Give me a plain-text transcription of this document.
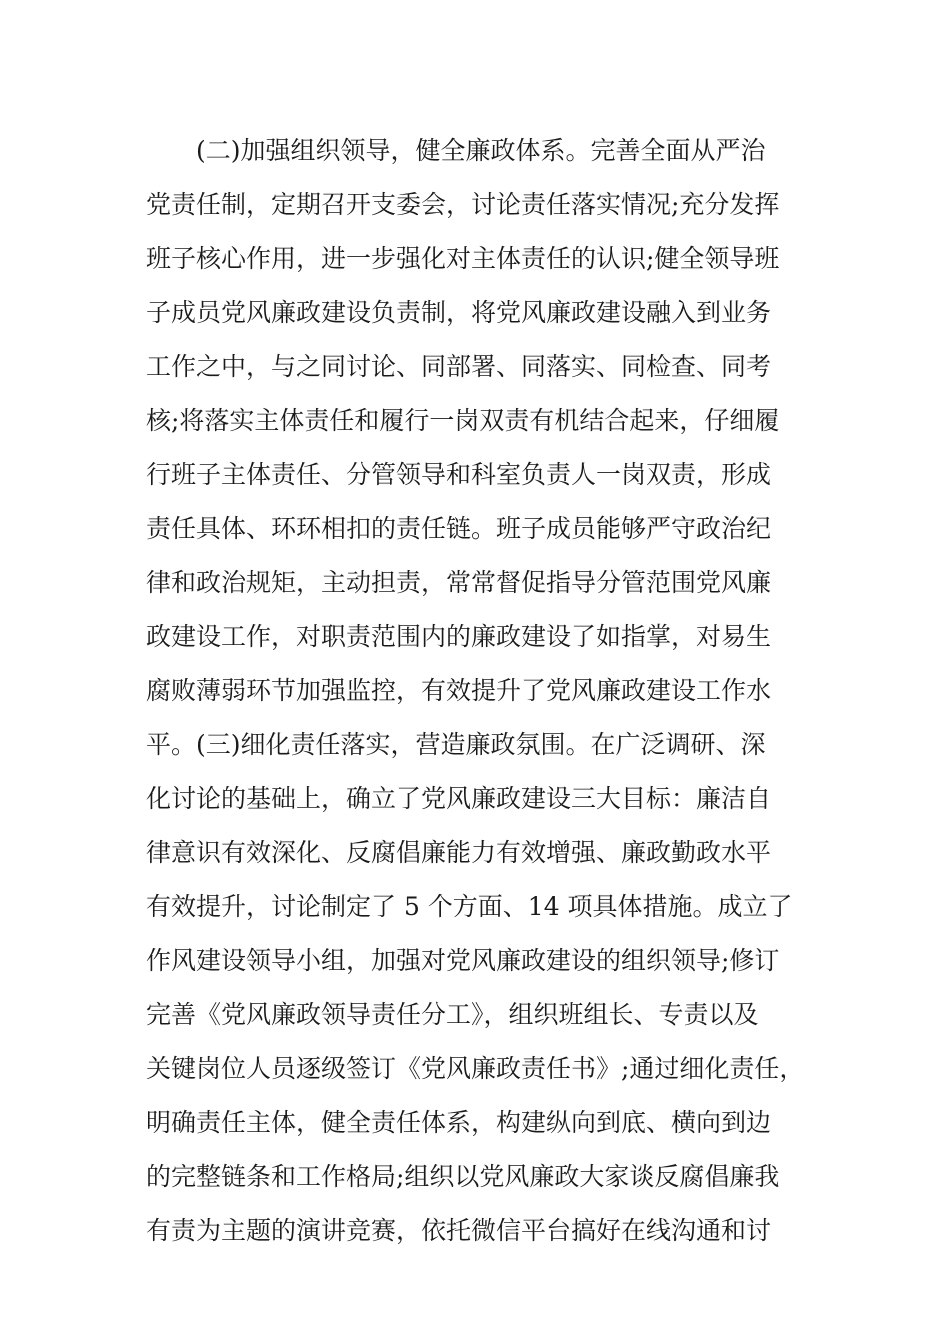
(二)加强组织领导，健全廉政体系。完善全面从严治
党责任制，定期召开支委会，讨论责任落实情况;充分发挥
班子核心作用，进一步强化对主体责任的认识;健全领导班
子成员党风廉政建设负责制，将党风廉政建设融入到业务
工作之中，与之同讨论、同部署、同落实、同检查、同考
核;将落实主体责任和履行一岗双责有机结合起来，仔细履
行班子主体责任、分管领导和科室负责人一岗双责，形成
责任具体、环环相扣的责任链。班子成员能够严守政治纪
律和政治规矩，主动担责，常常督促指导分管范围党风廉
政建设工作，对职责范围内的廉政建设了如指掌，对易生
腐败薄弱环节加强监控，有效提升了党风廉政建设工作水
平。 (三)细化责任落实，营造廉政氛围。在广泛调研、深
化讨论的基础上，确立了党风廉政建设三大目标：廉洁自
律意识有效深化、反腐倡廉能力有效增强、廉政勤政水平
有效提升，讨论制定了 5 个方面、14 项具体措施。成立了
作风建设领导小组，加强对党风廉政建设的组织领导;修订
完善《党风廉政领导责任分工》，组织班组长、专责以及
关键岗位人员逐级签订《党风廉政责任书》;通过细化责任，
明确责任主体，健全责任体系，构建纵向到底、横向到边
的完整链条和工作格局;组织以党风廉政大家谈反腐倡廉我
有责为主题的演讲竞赛，依托微信平台搞好在线沟通和讨
